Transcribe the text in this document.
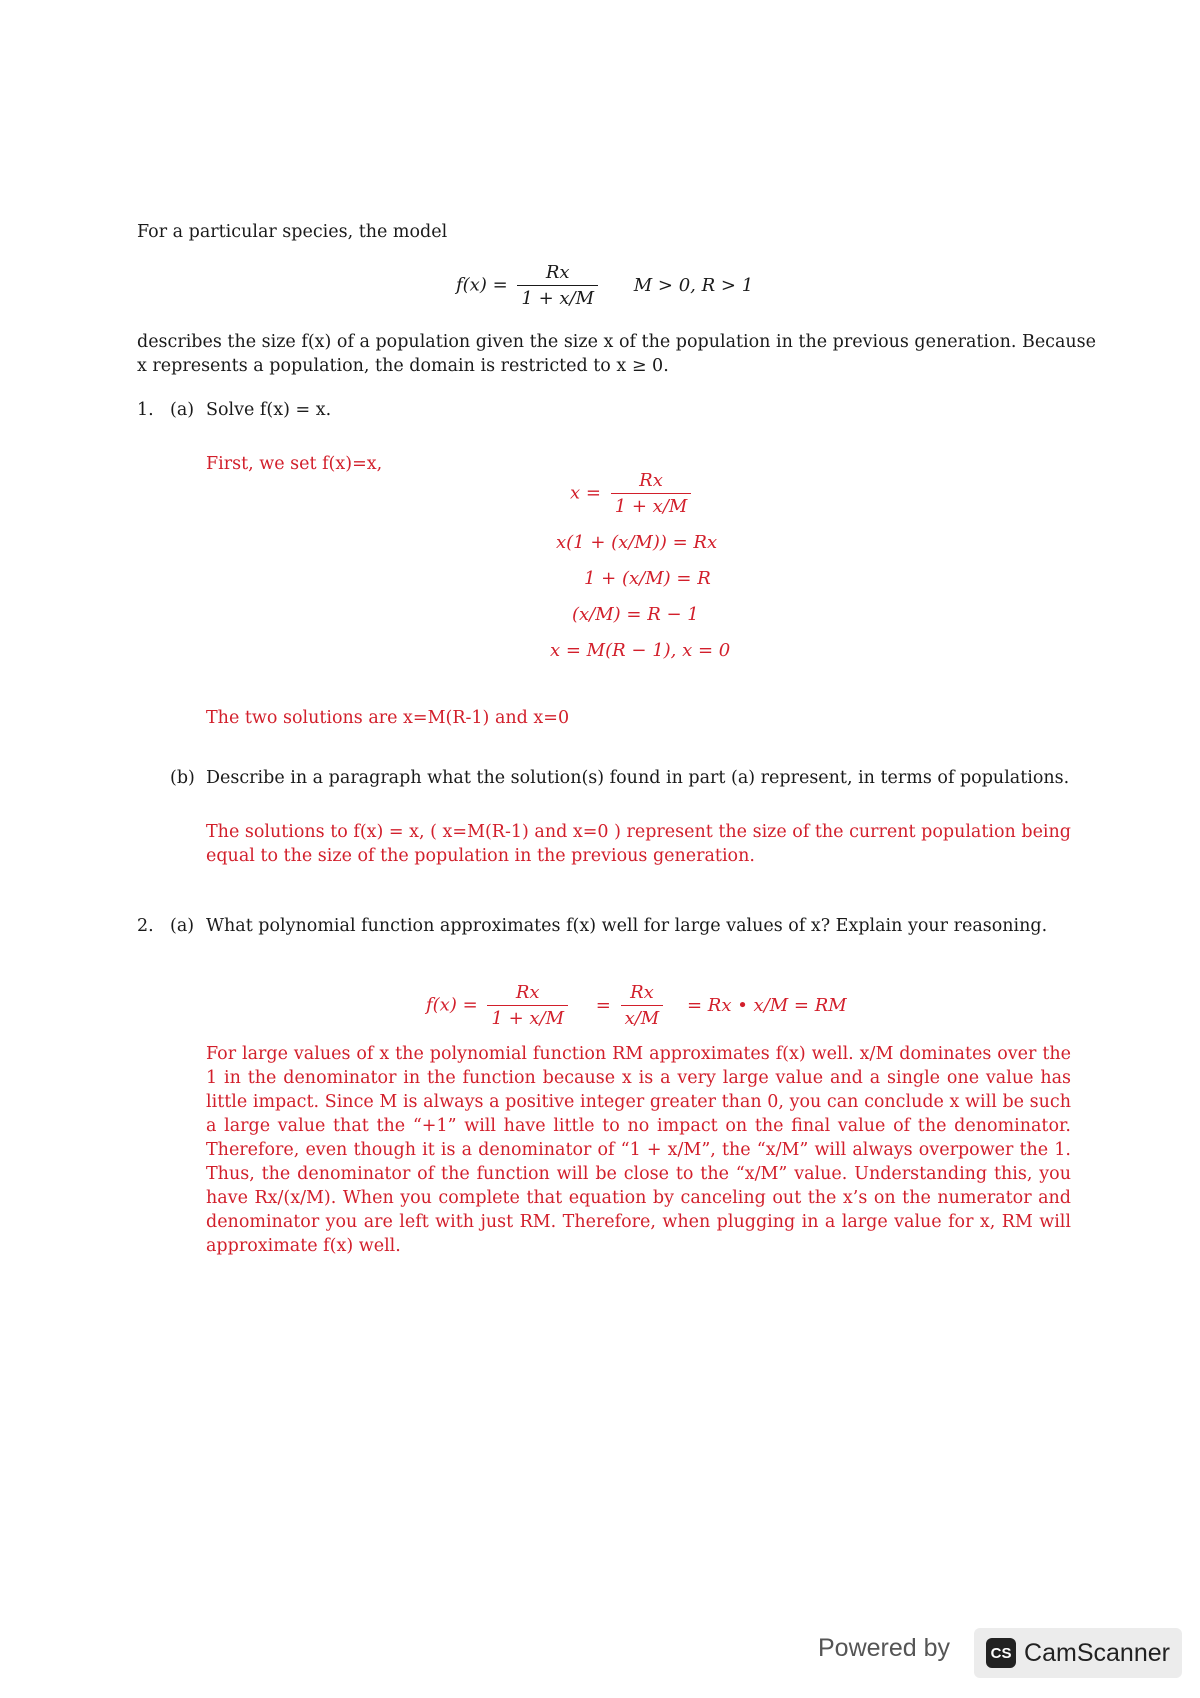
For a particular species, the model
$f(x) = \frac{Rx}{1 + x/M}$ M > 0, R > 1
describes the size f(x) of a population given the size x of the population in the previous generation. Because
x represents a population, the domain is restricted to x ≥ 0.
1. (a) Solve f(x) = x.
First, we set f(x)=x,
$x = \frac{Rx}{1 + x/M}$
x(1 + (x/M)) = Rx
1 + (x/M) = R
(x/M) = R − 1
x = M(R − 1), x = 0
The two solutions are x=M(R-1) and x=0
(b) Describe in a paragraph what the solution(s) found in part (a) represent, in terms of populations.
The solutions to f(x) = x, ( x=M(R-1) and x=0 ) represent the size of the current population being equal to the size of the population in the previous generation.
2. (a) What polynomial function approximates f(x) well for large values of x? Explain your reasoning.
$f(x) = \frac{Rx}{1 + x/M} = \frac{Rx}{x/M} = Rx$ • x/M = RM
For large values of x the polynomial function RM approximates f(x) well. x/M dominates over the 1 in the denominator in the function because x is a very large value and a single one value has little impact. Since M is always a positive integer greater than 0, you can conclude x will be such a large value that the “+1” will have little to no impact on the final value of the denominator. Therefore, even though it is a denominator of “1 + x/M”, the “x/M” will always overpower the 1. Thus, the denominator of the function will be close to the “x/M” value. Understanding this, you have Rx/(x/M). When you complete that equation by canceling out the x’s on the numerator and denominator you are left with just RM. Therefore, when plugging in a large value for x, RM will approximate f(x) well.
Powered by	CS CamScanner
